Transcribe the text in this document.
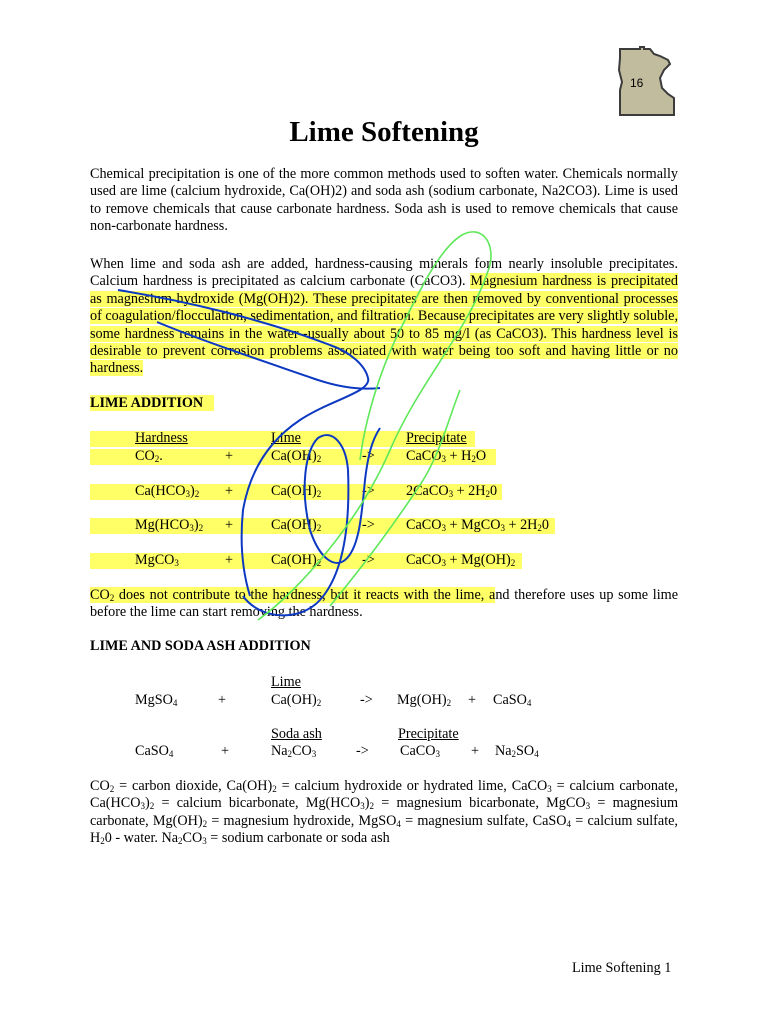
16
Lime Softening

Chemical precipitation is one of the more common methods used to soften water. Chemicals normally used are lime (calcium hydroxide, Ca(OH)2) and soda ash (sodium carbonate, Na2CO3). Lime is used to remove chemicals that cause carbonate hardness. Soda ash is used to remove chemicals that cause non-carbonate hardness.

When lime and soda ash are added, hardness-causing minerals form nearly insoluble precipitates. Calcium hardness is precipitated as calcium carbonate (CaCO3). Magnesium hardness is precipitated as magnesium hydroxide (Mg(OH)2). These precipitates are then removed by conventional processes of coagulation/flocculation, sedimentation, and filtration. Because precipitates are very slightly soluble, some hardness remains in the water--usually about 50 to 85 mg/l (as CaCO3). This hardness level is desirable to prevent corrosion problems associated with water being too soft and having little or no hardness.

LIME ADDITION
Hardness	Lime	Precipitate
$CO_2$.	+	$Ca(OH)_2$	-> CaCO$_3$ + $H_2O$
$Ca(HCO_3)_2$ +	$Ca(OH)_2$	-> 2CaCO$_3$ + $2H_20$
$Mg(HCO_3)_2$ +	$Ca(OH)_2$	-> CaCO$_3$ + MgCO$_3$ + $2H_20$
MgCO$_3$	+	$Ca(OH)_2$	-> CaCO$_3$ + $Mg(OH)_2$

$CO_2$ does not contribute to the hardness, but it reacts with the lime, and therefore uses up some lime before the lime can start removing the hardness.

LIME AND SODA ASH ADDITION
Lime
MgSO$_4$	+	$Ca(OH)_2$	-> $Mg(OH)_2$ + CaSO$_4$
Soda ash	Precipitate
CaSO$_4$	+	$Na_2CO_3$	-> CaCO$_3$ + $Na_2SO_4$

$CO_2$ = carbon dioxide, $Ca(OH)_2$ = calcium hydroxide or hydrated lime, CaCO$_3$ = calcium carbonate, $Ca(HCO_3)_2$ = calcium bicarbonate, $Mg(HCO_3)_2$ = magnesium bicarbonate, MgCO$_3$ = magnesium carbonate, $Mg(OH)_2$ = magnesium hydroxide, MgSO$_4$ = magnesium sulfate, CaSO$_4$ = calcium sulfate, $H_20$ - water. $Na_2CO_3$ = sodium carbonate or soda ash

Lime Softening 1
